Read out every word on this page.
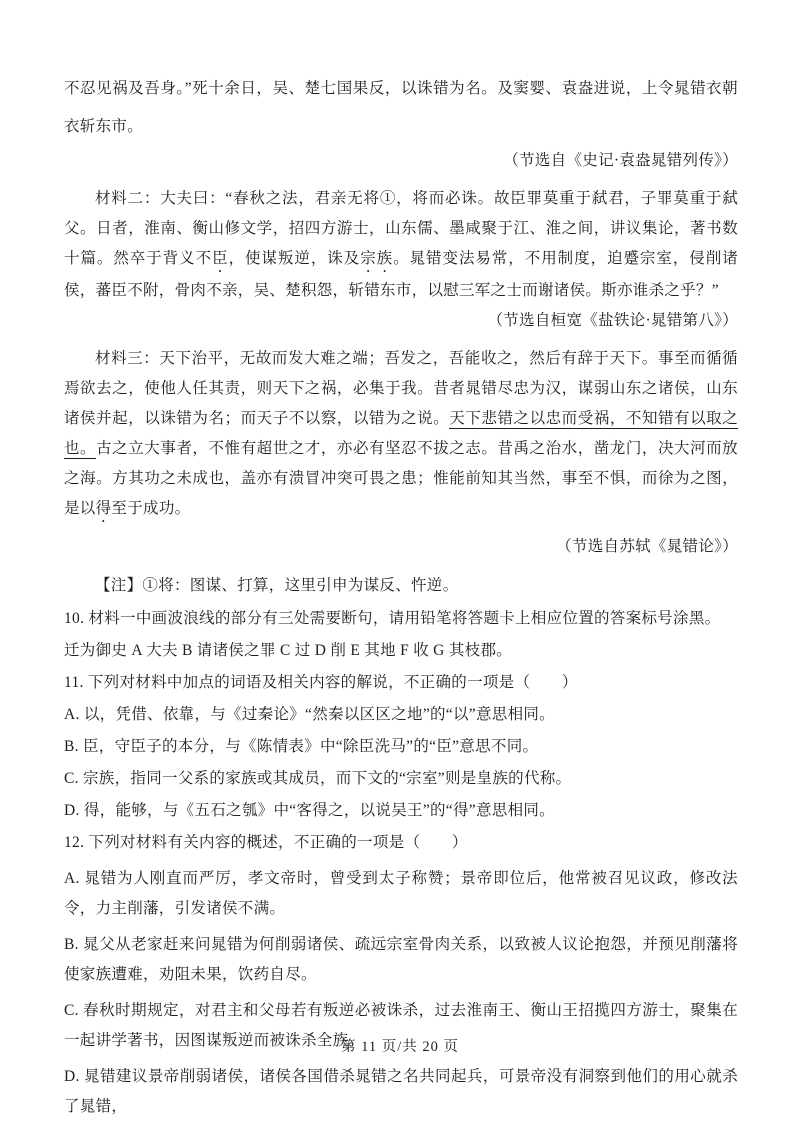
不忍见祸及吾身。”死十余日，吴、楚七国果反，以诛错为名。及窦婴、袁盎进说，上令晁错衣朝衣斩东市。

（节选自《史记·袁盎晁错列传》）

材料二：大夫曰：“春秋之法，君亲无将①，将而必诛。故臣罪莫重于弑君，子罪莫重于弑父。日者，淮南、衡山修文学，招四方游士，山东儒、墨咸聚于江、淮之间，讲议集论，著书数十篇。然卒于背义不臣，使谋叛逆，诛及宗族。晁错变法易常，不用制度，迫蹙宗室，侵削诸侯，蕃臣不附，骨肉不亲，吴、楚积怨，斩错东市，以慰三军之士而谢诸侯。斯亦谁杀之乎？”

（节选自桓宽《盐铁论·晁错第八》）

材料三：天下治平，无故而发大难之端；吾发之，吾能收之，然后有辞于天下。事至而循循焉欲去之，使他人任其责，则天下之祸，必集于我。昔者晁错尽忠为汉，谋弱山东之诸侯，山东诸侯并起，以诛错为名；而天子不以察，以错为之说。天下悲错之以忠而受祸，不知错有以取之也。古之立大事者，不惟有超世之才，亦必有坚忍不拔之志。昔禹之治水，凿龙门，决大河而放之海。方其功之未成也，盖亦有溃冒冲突可畏之患；惟能前知其当然，事至不惧，而徐为之图，是以得至于成功。

（节选自苏轼《晁错论》）

【注】①将：图谋、打算，这里引申为谋反、忤逆。

10. 材料一中画波浪线的部分有三处需要断句，请用铅笔将答题卡上相应位置的答案标号涂黑。

迁为御史 A 大夫 B 请诸侯之罪 C 过 D 削 E 其地 F 收 G 其枝郡。

11. 下列对材料中加点的词语及相关内容的解说，不正确的一项是（　　）

A. 以，凭借、依靠，与《过秦论》“然秦以区区之地”的“以”意思相同。

B. 臣，守臣子的本分，与《陈情表》中“除臣洗马”的“臣”意思不同。

C. 宗族，指同一父系的家族或其成员，而下文的“宗室”则是皇族的代称。

D. 得，能够，与《五石之瓠》中“客得之，以说吴王”的“得”意思相同。

12. 下列对材料有关内容的概述，不正确的一项是（　　）

A. 晁错为人刚直而严厉，孝文帝时，曾受到太子称赞；景帝即位后，他常被召见议政，修改法令，力主削藩，引发诸侯不满。

B. 晁父从老家赶来问晁错为何削弱诸侯、疏远宗室骨肉关系，以致被人议论抱怨，并预见削藩将使家族遭难，劝阻未果，饮药自尽。

C. 春秋时期规定，对君主和父母若有叛逆必被诛杀，过去淮南王、衡山王招揽四方游士，聚集在一起讲学著书，因图谋叛逆而被诛杀全族。

D. 晁错建议景帝削弱诸侯，诸侯各国借杀晁错之名共同起兵，可景帝没有洞察到他们的用心就杀了晁错，

第 11 页/共 20 页
